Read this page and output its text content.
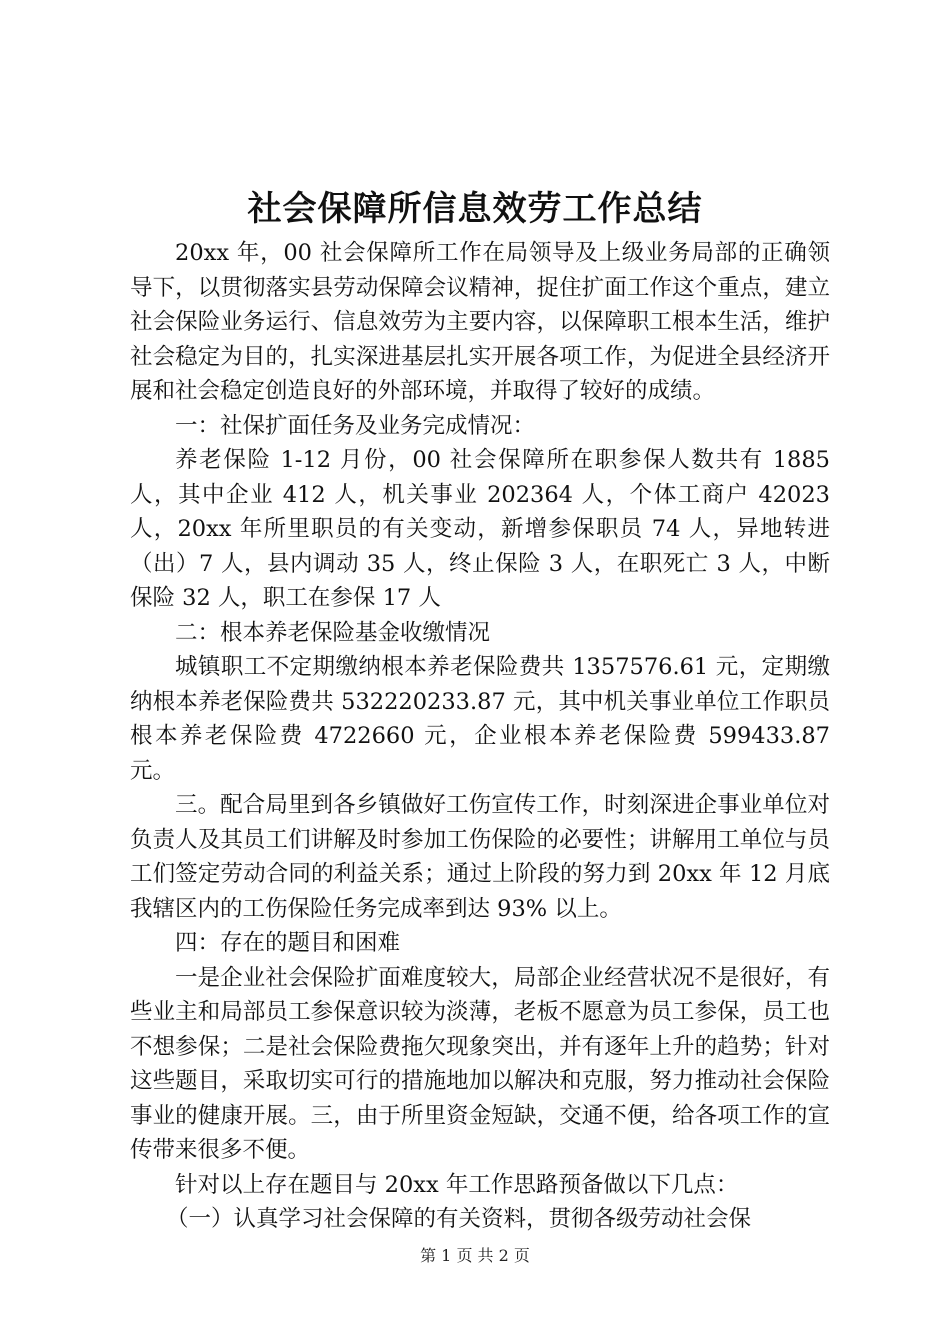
社会保障所信息效劳工作总结

20xx 年，00 社会保障所工作在局领导及上级业务局部的正确领导下，以贯彻落实县劳动保障会议精神，捉住扩面工作这个重点，建立社会保险业务运行、信息效劳为主要内容，以保障职工根本生活，维护社会稳定为目的，扎实深进基层扎实开展各项工作，为促进全县经济开展和社会稳定创造良好的外部环境，并取得了较好的成绩。

一：社保扩面任务及业务完成情况：

养老保险 1-12 月份，00 社会保障所在职参保人数共有 1885 人，其中企业 412 人，机关事业 202364 人，个体工商户 42023 人，20xx 年所里职员的有关变动，新增参保职员 74 人，异地转进（出）7 人，县内调动 35 人，终止保险 3 人，在职死亡 3 人，中断保险 32 人，职工在参保 17 人

二：根本养老保险基金收缴情况

城镇职工不定期缴纳根本养老保险费共 1357576.61 元，定期缴纳根本养老保险费共 532220233.87 元，其中机关事业单位工作职员根本养老保险费 4722660 元，企业根本养老保险费 599433.87 元。

三。配合局里到各乡镇做好工伤宣传工作，时刻深进企事业单位对负责人及其员工们讲解及时参加工伤保险的必要性；讲解用工单位与员工们签定劳动合同的利益关系；通过上阶段的努力到 20xx 年 12 月底我辖区内的工伤保险任务完成率到达 93% 以上。

四：存在的题目和困难

一是企业社会保险扩面难度较大，局部企业经营状况不是很好，有些业主和局部员工参保意识较为淡薄，老板不愿意为员工参保，员工也不想参保；二是社会保险费拖欠现象突出，并有逐年上升的趋势；针对这些题目，采取切实可行的措施地加以解决和克服，努力推动社会保险事业的健康开展。三，由于所里资金短缺，交通不便，给各项工作的宣传带来很多不便。

针对以上存在题目与 20xx 年工作思路预备做以下几点：

（一）认真学习社会保障的有关资料，贯彻各级劳动社会保

第 1 页 共 2 页
